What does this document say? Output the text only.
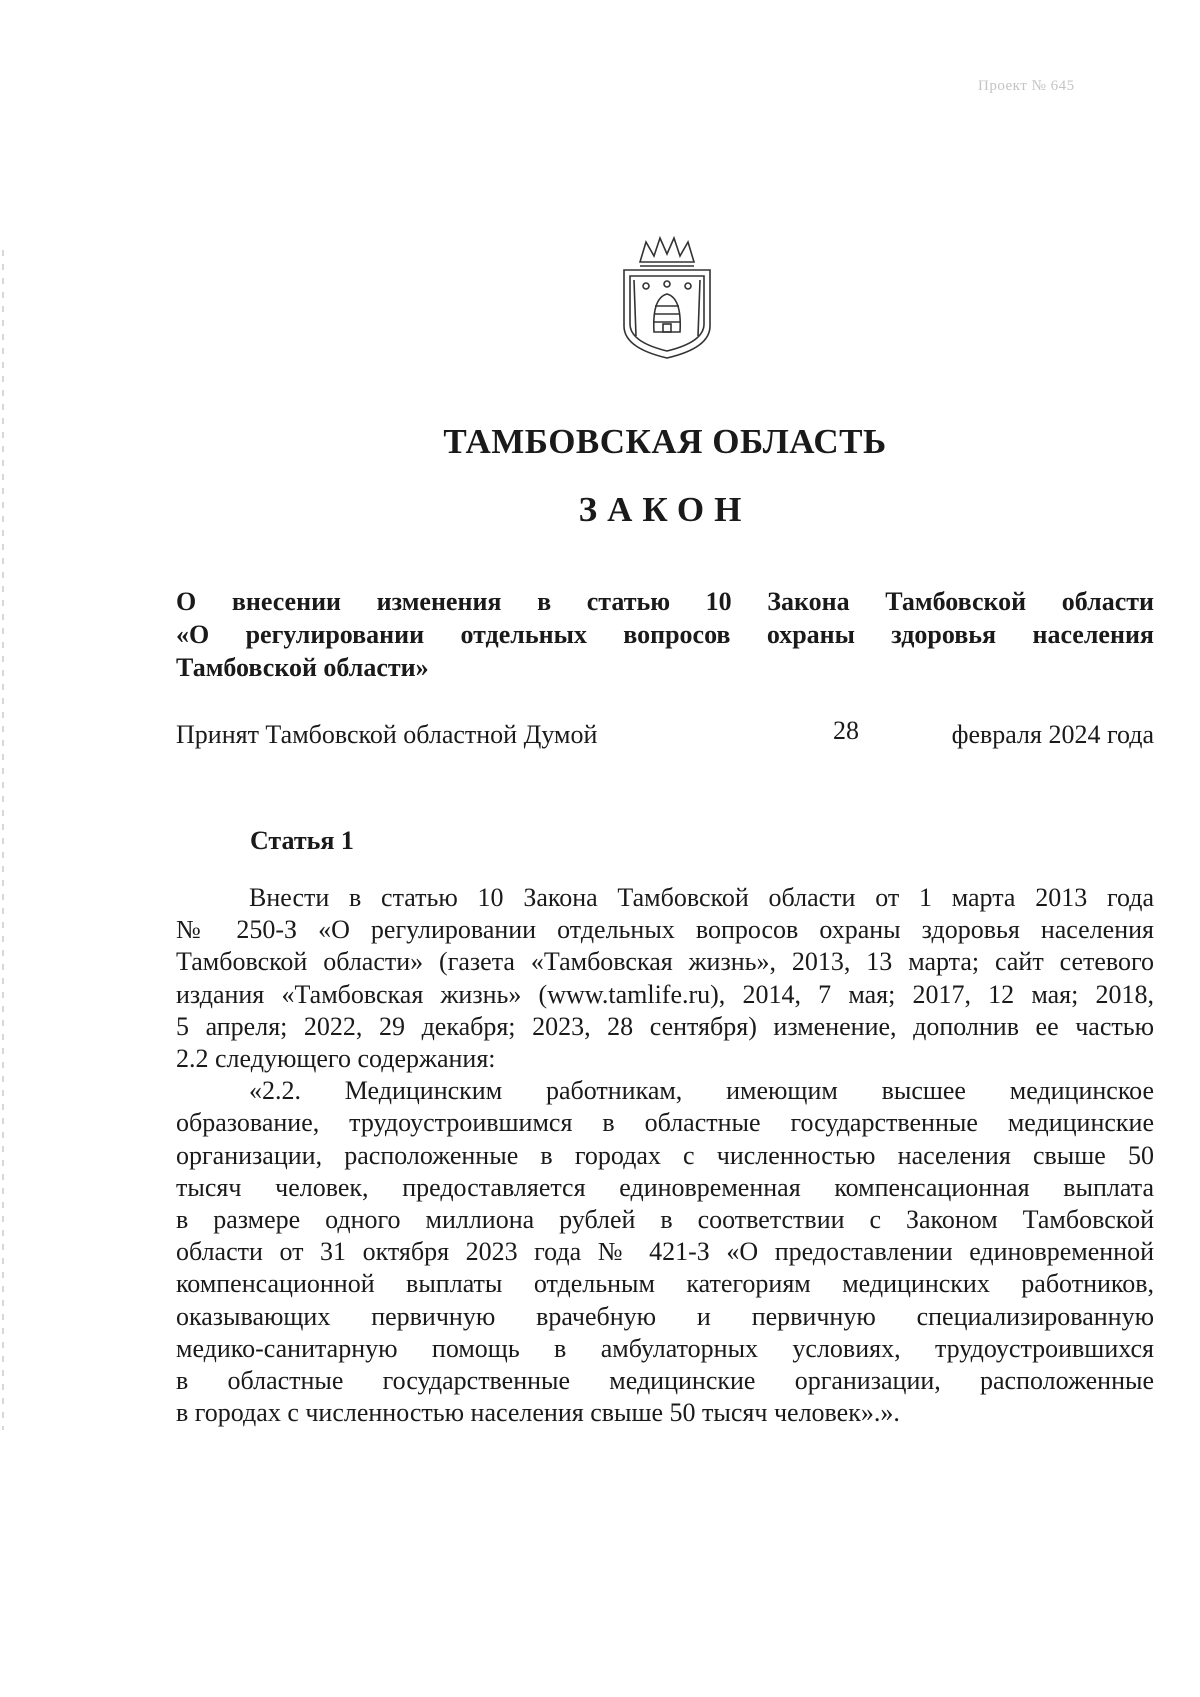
Проект № 645
ТАМБОВСКАЯ ОБЛАСТЬ
ЗАКОН
О внесении изменения в статью 10 Закона Тамбовской области
«О регулировании отдельных вопросов охраны здоровья населения
Тамбовской области»
Принят Тамбовской областной Думой	28	февраля 2024 года
Статья 1
Внести в статью 10 Закона Тамбовской области от 1 марта 2013 года
№ 250-З «О регулировании отдельных вопросов охраны здоровья населения
Тамбовской области» (газета «Тамбовская жизнь», 2013, 13 марта; сайт сетевого
издания «Тамбовская жизнь» (www.tamlife.ru), 2014, 7 мая; 2017, 12 мая; 2018,
5 апреля; 2022, 29 декабря; 2023, 28 сентября) изменение, дополнив ее частью
2.2 следующего содержания:
«2.2. Медицинским работникам, имеющим высшее медицинское
образование, трудоустроившимся в областные государственные медицинские
организации, расположенные в городах с численностью населения свыше 50
тысяч человек, предоставляется единовременная компенсационная выплата
в размере одного миллиона рублей в соответствии с Законом Тамбовской
области от 31 октября 2023 года № 421-З «О предоставлении единовременной
компенсационной выплаты отдельным категориям медицинских работников,
оказывающих первичную врачебную и первичную специализированную
медико-санитарную помощь в амбулаторных условиях, трудоустроившихся
в областные государственные медицинские организации, расположенные
в городах с численностью населения свыше 50 тысяч человек».».
